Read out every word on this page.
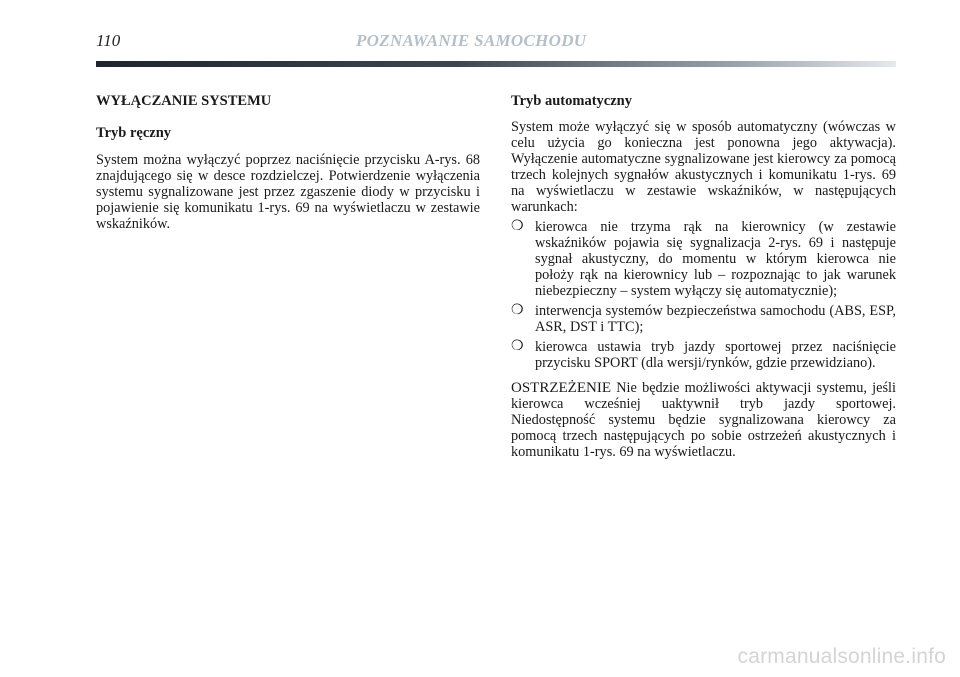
110	POZNAWANIE SAMOCHODU
WYŁĄCZANIE SYSTEMU
Tryb ręczny

System można wyłączyć poprzez naciśnięcie przycisku A-rys. 68 znajdującego się w desce rozdzielczej. Potwierdzenie wyłączenia systemu sygnalizowane jest przez zgaszenie diody w przycisku i pojawienie się komunikatu 1-rys. 69 na wyświetlaczu w zestawie wskaźników.

Tryb automatyczny

System może wyłączyć się w sposób automatyczny (wówczas w celu użycia go konieczna jest ponowna jego aktywacja). Wyłączenie automatyczne sygnalizowane jest kierowcy za pomocą trzech kolejnych sygnałów akustycznych i komunikatu 1-rys. 69 na wyświetlaczu w zestawie wskaźników, w następujących warunkach:

❍ kierowca nie trzyma rąk na kierownicy (w zestawie wskaźników pojawia się sygnalizacja 2-rys. 69 i następuje sygnał akustyczny, do momentu w którym kierowca nie położy rąk na kierownicy lub – rozpoznając to jak warunek niebezpieczny – system wyłączy się automatycznie);
❍ interwencja systemów bezpieczeństwa samochodu (ABS, ESP, ASR, DST i TTC);
❍ kierowca ustawia tryb jazdy sportowej przez naciśnięcie przycisku SPORT (dla wersji/rynków, gdzie przewidziano).

OSTRZEŻENIE Nie będzie możliwości aktywacji systemu, jeśli kierowca wcześniej uaktywnił tryb jazdy sportowej. Niedostępność systemu będzie sygnalizowana kierowcy za pomocą trzech następujących po sobie ostrzeżeń akustycznych i komunikatu 1-rys. 69 na wyświetlaczu.

carmanualsonline.info
